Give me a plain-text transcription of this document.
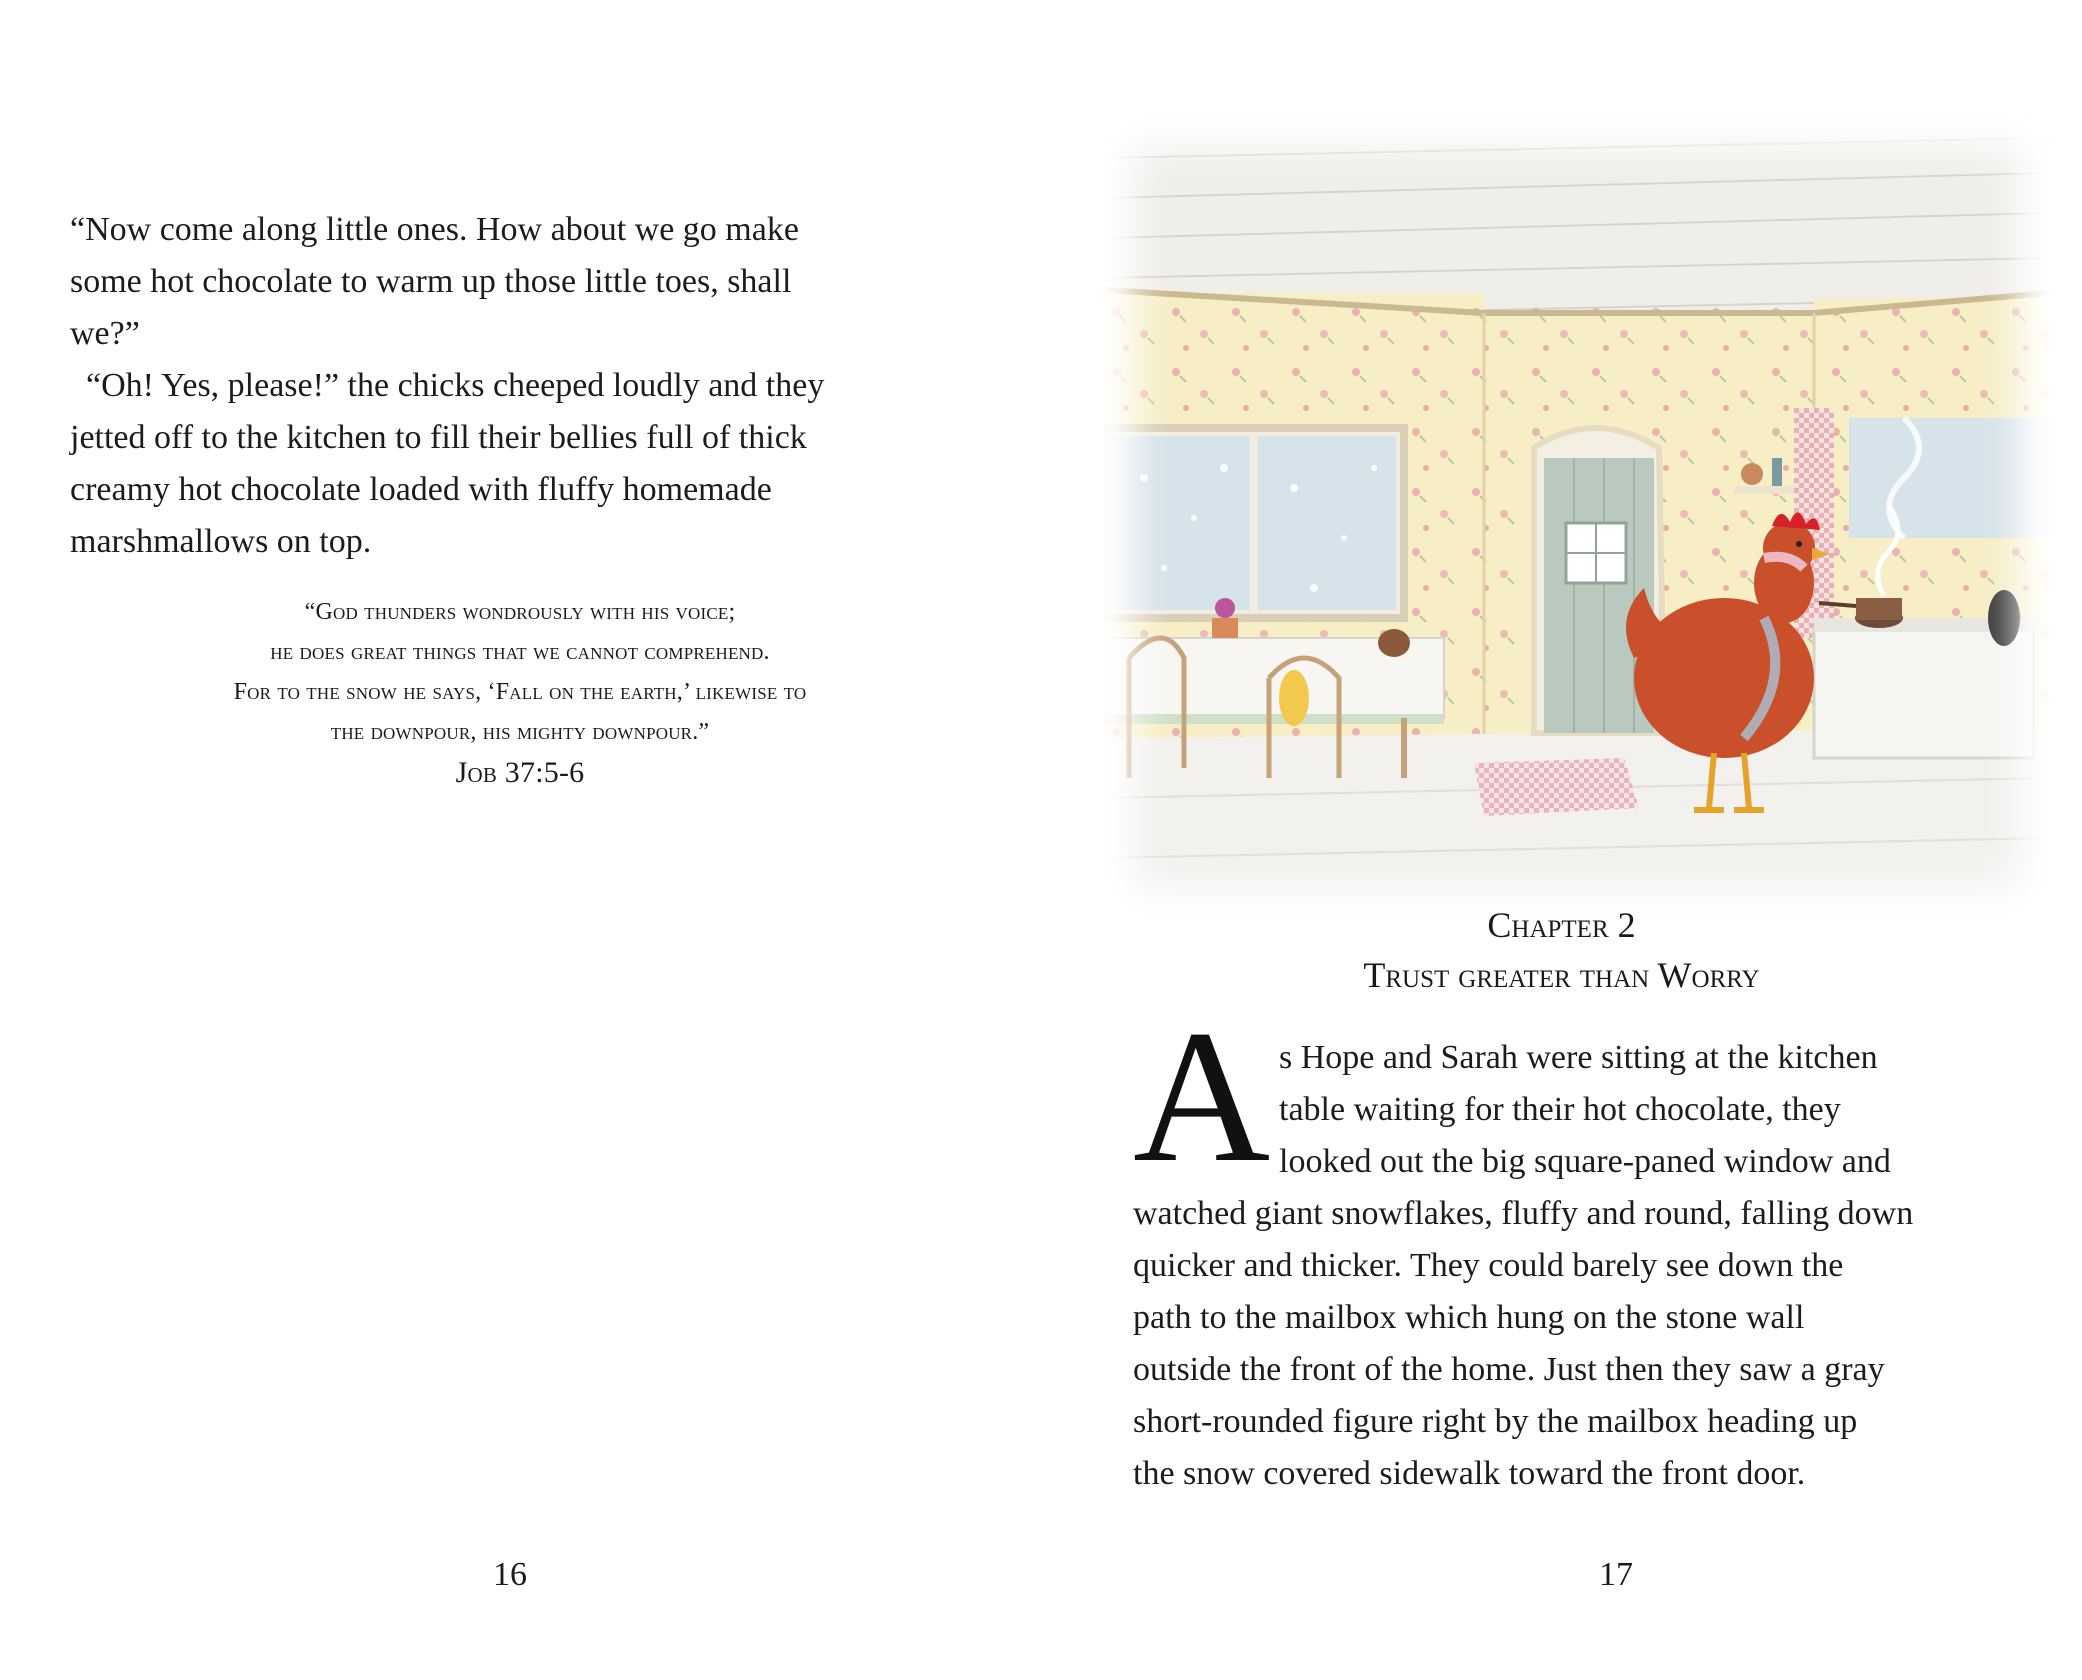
“Now come along little ones. How about we go make
some hot chocolate to warm up those little toes, shall
we?”
“Oh! Yes, please!” the chicks cheeped loudly and they
jetted off to the kitchen to fill their bellies full of thick
creamy hot chocolate loaded with fluffy homemade
marshmallows on top.
“God thunders wondrously with his voice;
he does great things that we cannot comprehend.
For to the snow he says, ‘Fall on the earth,’ likewise to
the downpour, his mighty downpour.”
Job 37:5-6
16
Chapter 2
Trust greater than Worry
A s Hope and Sarah were sitting at the kitchen
table waiting for their hot chocolate, they
looked out the big square-paned window and
watched giant snowflakes, fluffy and round, falling down
quicker and thicker. They could barely see down the
path to the mailbox which hung on the stone wall
outside the front of the home. Just then they saw a gray
short-rounded figure right by the mailbox heading up
the snow covered sidewalk toward the front door.
17
